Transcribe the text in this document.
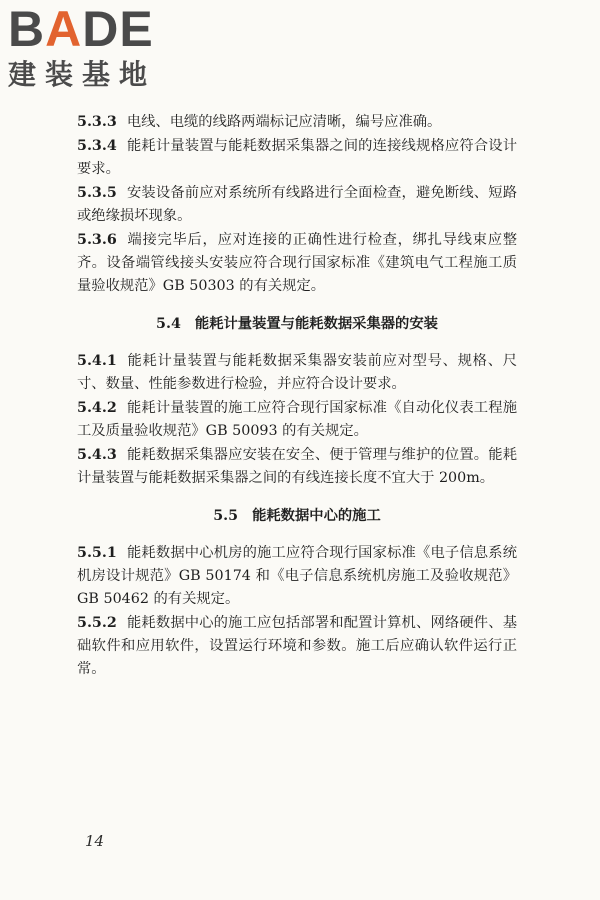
BADE
建装基地

5.3.3 电线、电缆的线路两端标记应清晰，编号应准确。

5.3.4 能耗计量装置与能耗数据采集器之间的连接线规格应符合设计要求。

5.3.5 安装设备前应对系统所有线路进行全面检查，避免断线、短路或绝缘损坏现象。

5.3.6 端接完毕后，应对连接的正确性进行检查，绑扎导线束应整齐。设备端管线接头安装应符合现行国家标准《建筑电气工程施工质量验收规范》GB 50303 的有关规定。

5.4 能耗计量装置与能耗数据采集器的安装

5.4.1 能耗计量装置与能耗数据采集器安装前应对型号、规格、尺寸、数量、性能参数进行检验，并应符合设计要求。

5.4.2 能耗计量装置的施工应符合现行国家标准《自动化仪表工程施工及质量验收规范》GB 50093 的有关规定。

5.4.3 能耗数据采集器应安装在安全、便于管理与维护的位置。能耗计量装置与能耗数据采集器之间的有线连接长度不宜大于 200m。

5.5 能耗数据中心的施工

5.5.1 能耗数据中心机房的施工应符合现行国家标准《电子信息系统机房设计规范》GB 50174 和《电子信息系统机房施工及验收规范》GB 50462 的有关规定。

5.5.2 能耗数据中心的施工应包括部署和配置计算机、网络硬件、基础软件和应用软件，设置运行环境和参数。施工后应确认软件运行正常。

14
